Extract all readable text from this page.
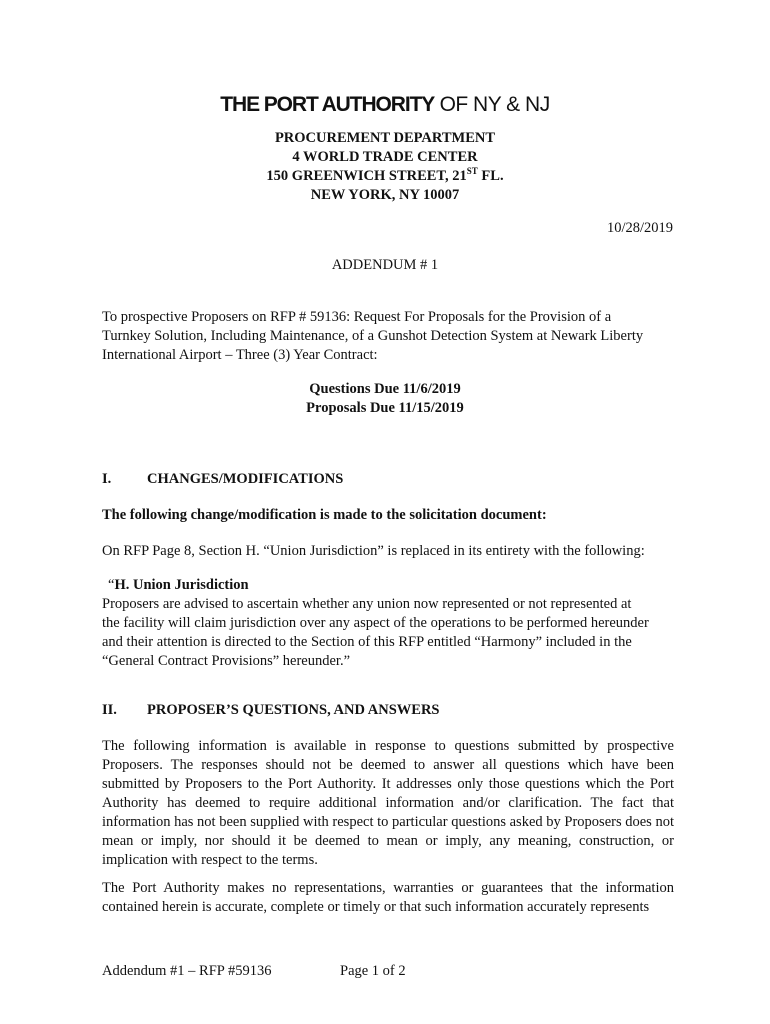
THE PORT AUTHORITY OF NY & NJ
PROCUREMENT DEPARTMENT
4 WORLD TRADE CENTER
150 GREENWICH STREET, 21ST FL.
NEW YORK, NY 10007
10/28/2019
ADDENDUM # 1
To prospective Proposers on RFP # 59136: Request For Proposals for the Provision of a
Turnkey Solution, Including Maintenance, of a Gunshot Detection System at Newark Liberty
International Airport – Three (3) Year Contract:
Questions Due 11/6/2019
Proposals Due 11/15/2019
I. CHANGES/MODIFICATIONS
The following change/modification is made to the solicitation document:
On RFP Page 8, Section H. “Union Jurisdiction” is replaced in its entirety with the following:
“H. Union Jurisdiction
Proposers are advised to ascertain whether any union now represented or not represented at
the facility will claim jurisdiction over any aspect of the operations to be performed hereunder
and their attention is directed to the Section of this RFP entitled “Harmony” included in the
“General Contract Provisions” hereunder.”
II. PROPOSER’S QUESTIONS, AND ANSWERS
The following information is available in response to questions submitted by prospective Proposers. The responses should not be deemed to answer all questions which have been submitted by Proposers to the Port Authority. It addresses only those questions which the Port Authority has deemed to require additional information and/or clarification. The fact that information has not been supplied with respect to particular questions asked by Proposers does not mean or imply, nor should it be deemed to mean or imply, any meaning, construction, or implication with respect to the terms.
The Port Authority makes no representations, warranties or guarantees that the information contained herein is accurate, complete or timely or that such information accurately represents
Addendum #1 – RFP #59136	Page 1 of 2
